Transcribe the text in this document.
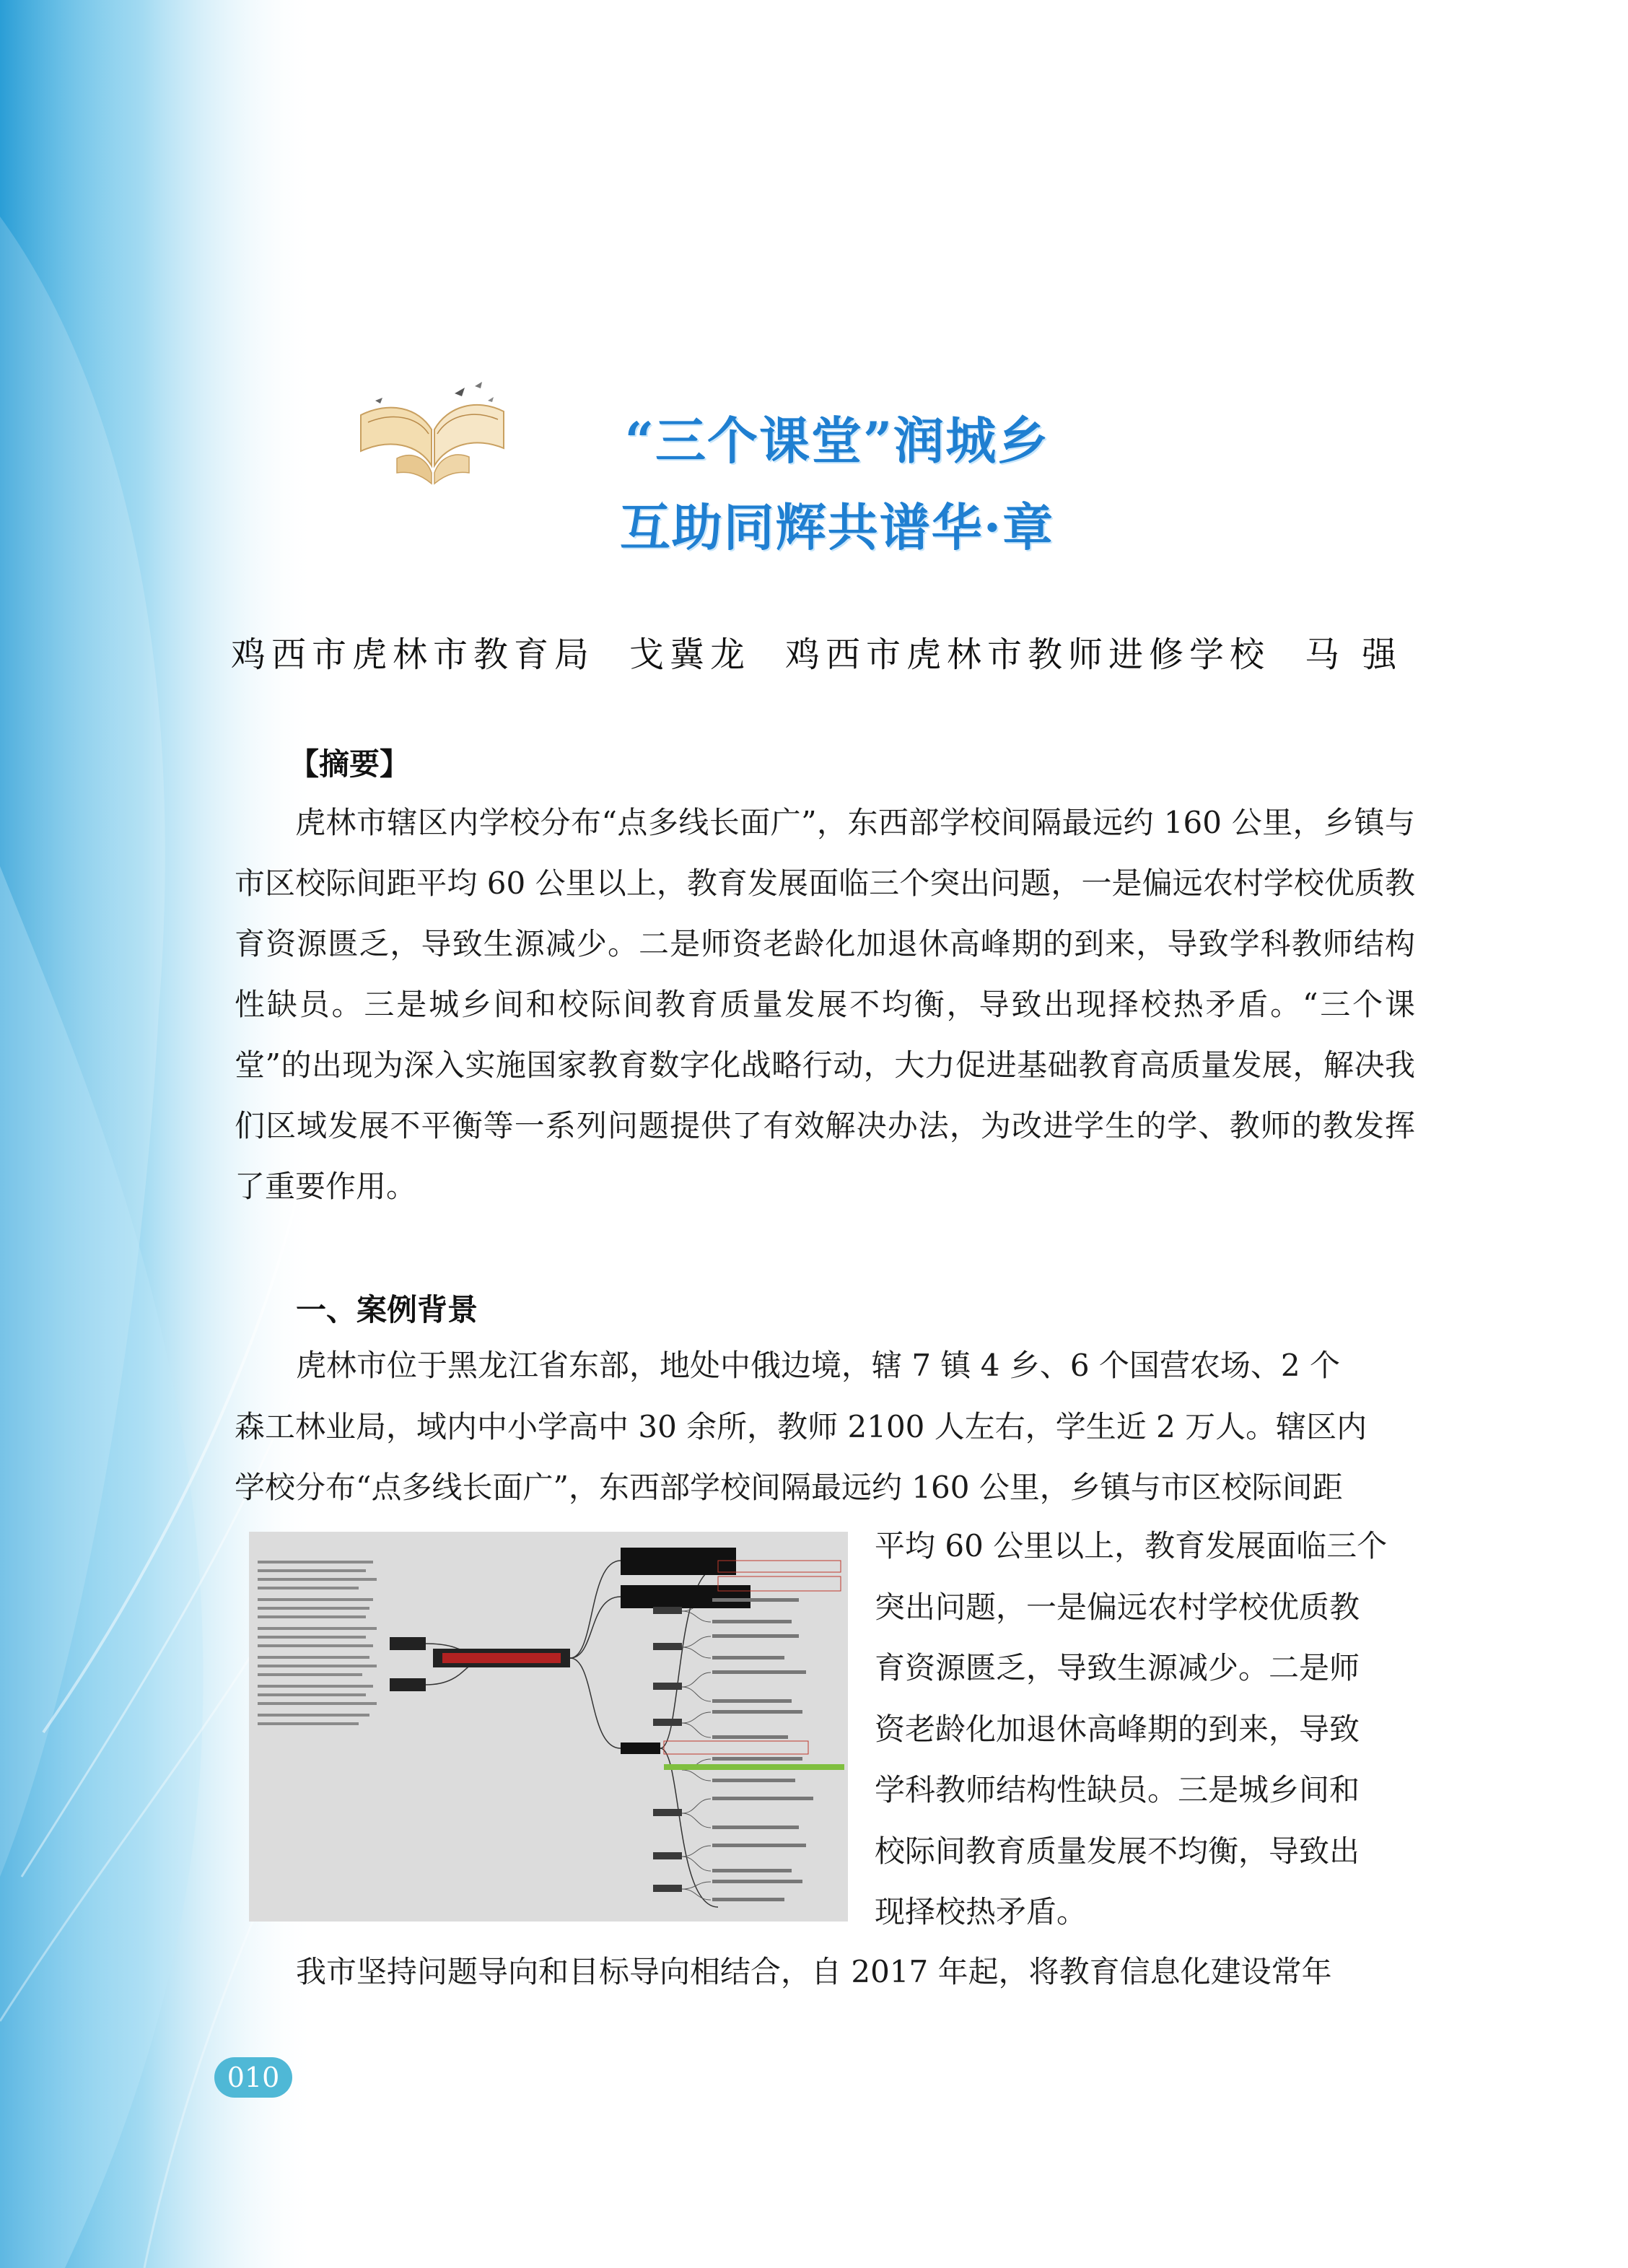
“三个课堂”润城乡
互助同辉共谱华·章
鸡西市虎林市教育局 戈冀龙 鸡西市虎林市教师进修学校 马 强
【摘要】
虎林市辖区内学校分布“点多线长面广”，东西部学校间隔最远约 160 公里，乡镇与市区校际间距平均 60 公里以上，教育发展面临三个突出问题，一是偏远农村学校优质教育资源匮乏，导致生源减少。二是师资老龄化加退休高峰期的到来，导致学科教师结构性缺员。三是城乡间和校际间教育质量发展不均衡，导致出现择校热矛盾。“三个课堂”的出现为深入实施国家教育数字化战略行动，大力促进基础教育高质量发展，解决我们区域发展不平衡等一系列问题提供了有效解决办法，为改进学生的学、教师的教发挥了重要作用。
一、案例背景
虎林市位于黑龙江省东部，地处中俄边境，辖 7 镇 4 乡、6 个国营农场、2 个
森工林业局，域内中小学高中 30 余所，教师 2100 人左右，学生近 2 万人。辖区内
学校分布“点多线长面广”，东西部学校间隔最远约 160 公里，乡镇与市区校际间距
平均 60 公里以上，教育发展面临三个
突出问题，一是偏远农村学校优质教
育资源匮乏，导致生源减少。二是师
资老龄化加退休高峰期的到来，导致
学科教师结构性缺员。三是城乡间和
校际间教育质量发展不均衡，导致出
现择校热矛盾。
我市坚持问题导向和目标导向相结合，自 2017 年起，将教育信息化建设常年
010
